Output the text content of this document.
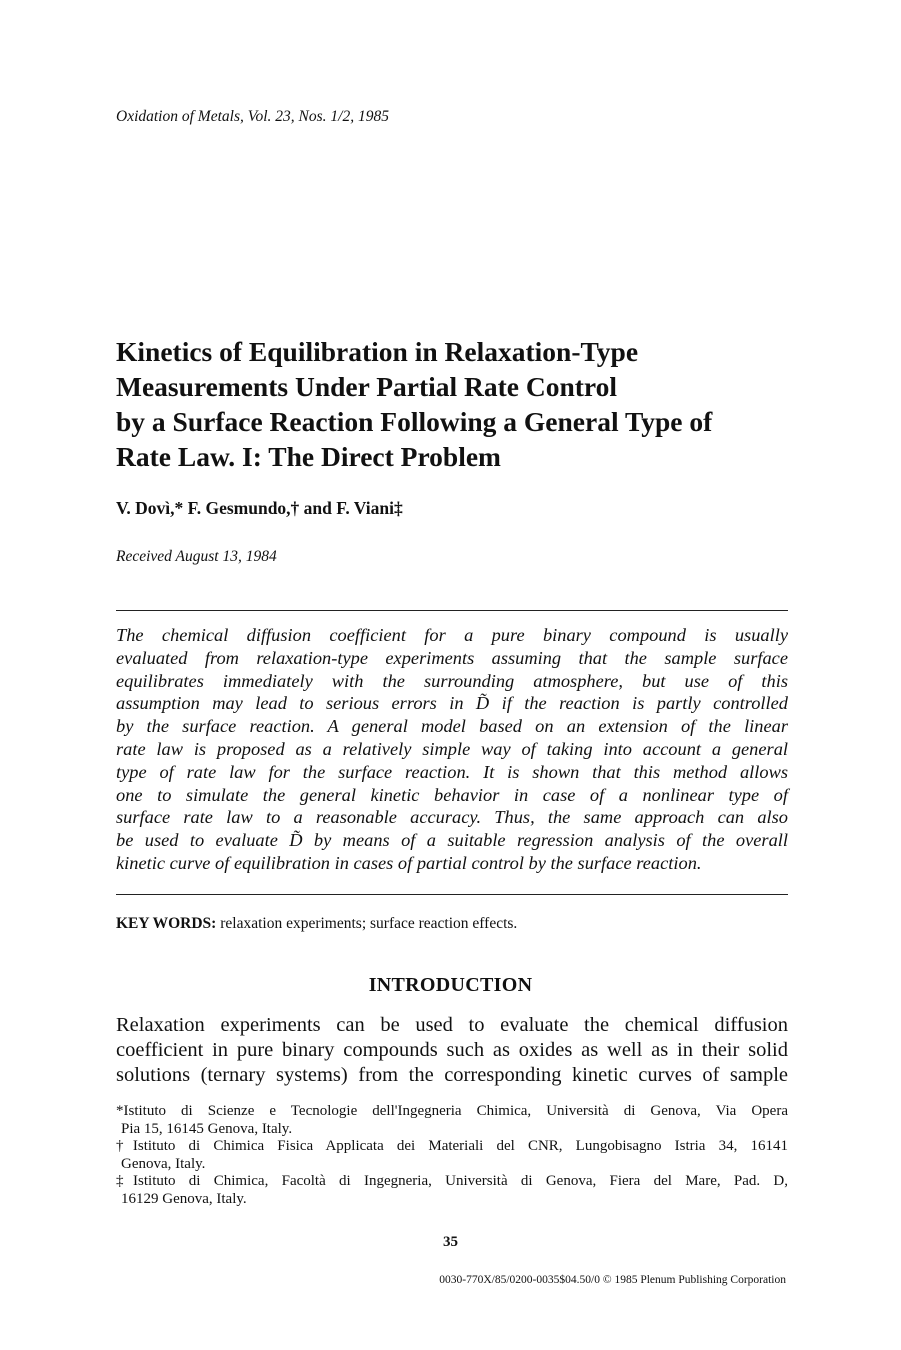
Oxidation of Metals, Vol. 23, Nos. 1/2, 1985
Kinetics of Equilibration in Relaxation-Type
Measurements Under Partial Rate Control
by a Surface Reaction Following a General Type of
Rate Law. I: The Direct Problem
V. Dovì,* F. Gesmundo,† and F. Viani‡
Received August 13, 1984
The chemical diffusion coefficient for a pure binary compound is usually
evaluated from relaxation-type experiments assuming that the sample surface
equilibrates immediately with the surrounding atmosphere, but use of this
assumption may lead to serious errors in D̃ if the reaction is partly controlled
by the surface reaction. A general model based on an extension of the linear
rate law is proposed as a relatively simple way of taking into account a general
type of rate law for the surface reaction. It is shown that this method allows
one to simulate the general kinetic behavior in case of a nonlinear type of
surface rate law to a reasonable accuracy. Thus, the same approach can also
be used to evaluate D̃ by means of a suitable regression analysis of the overall
kinetic curve of equilibration in cases of partial control by the surface reaction.
KEY WORDS: relaxation experiments; surface reaction effects.
INTRODUCTION
Relaxation experiments can be used to evaluate the chemical diffusion
coefficient in pure binary compounds such as oxides as well as in their solid
solutions (ternary systems) from the corresponding kinetic curves of sample
*Istituto di Scienze e Tecnologie dell'Ingegneria Chimica, Università di Genova, Via Opera
Pia 15, 16145 Genova, Italy.
†Istituto di Chimica Fisica Applicata dei Materiali del CNR, Lungobisagno Istria 34, 16141
Genova, Italy.
‡Istituto di Chimica, Facoltà di Ingegneria, Università di Genova, Fiera del Mare, Pad. D,
16129 Genova, Italy.
35
0030-770X/85/0200-0035$04.50/0 © 1985 Plenum Publishing Corporation
